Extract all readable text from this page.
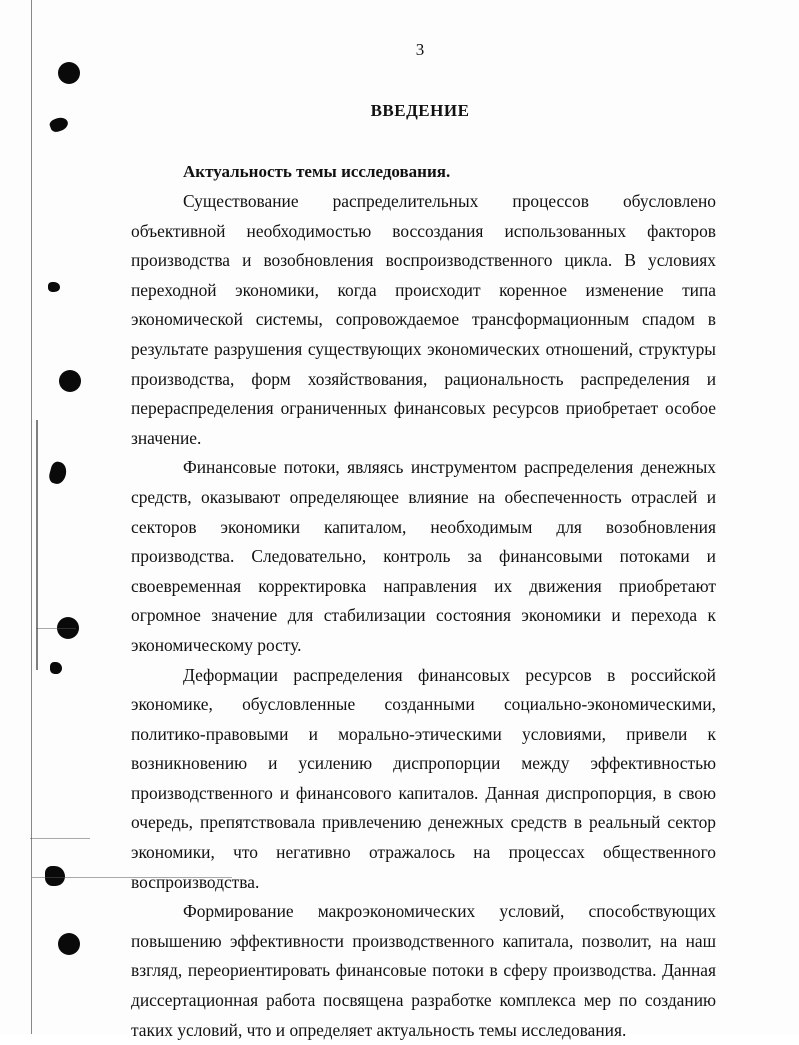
3
ВВЕДЕНИЕ
Актуальность темы исследования.

Существование распределительных процессов обусловлено объективной необходимостью воссоздания использованных факторов производства и возобновления воспроизводственного цикла. В условиях переходной экономики, когда происходит коренное изменение типа экономической системы, сопровождаемое трансформационным спадом в результате разрушения существующих экономических отношений, структуры производства, форм хозяйствования, рациональность распределения и перераспределения ограниченных финансовых ресурсов приобретает особое значение.

Финансовые потоки, являясь инструментом распределения денежных средств, оказывают определяющее влияние на обеспеченность отраслей и секторов экономики капиталом, необходимым для возобновления производства. Следовательно, контроль за финансовыми потоками и своевременная корректировка направления их движения приобретают огромное значение для стабилизации состояния экономики и перехода к экономическому росту.

Деформации распределения финансовых ресурсов в российской экономике, обусловленные созданными социально-экономическими, политико-правовыми и морально-этическими условиями, привели к возникновению и усилению диспропорции между эффективностью производственного и финансового капиталов. Данная диспропорция, в свою очередь, препятствовала привлечению денежных средств в реальный сектор экономики, что негативно отражалось на процессах общественного воспроизводства.

Формирование макроэкономических условий, способствующих повышению эффективности производственного капитала, позволит, на наш взгляд, переориентировать финансовые потоки в сферу производства. Данная диссертационная работа посвящена разработке комплекса мер по созданию таких условий, что и определяет актуальность темы исследования.
